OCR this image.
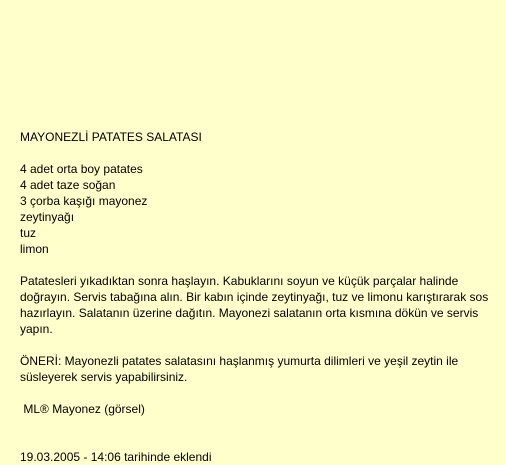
MAYONEZLİ PATATES SALATASI
4 adet orta boy patates
4 adet taze soğan
3 çorba kaşığı mayonez
zeytinyağı
tuz
limon
Patatesleri yıkadıktan sonra haşlayın. Kabuklarını soyun ve küçük parçalar halinde doğrayın. Servis tabağına alın. Bir kabın içinde zeytinyağı, tuz ve limonu karıştırarak sos hazırlayın. Salatanın üzerine dağıtın. Mayonezi salatanın orta kısmına dökün ve servis yapın.
ÖNERİ: Mayonezli patates salatasını haşlanmış yumurta dilimleri ve yeşil zeytin ile süsleyerek servis yapabilirsiniz.
ML® Mayonez (görsel)
19.03.2005 - 14:06 tarihinde eklendi
